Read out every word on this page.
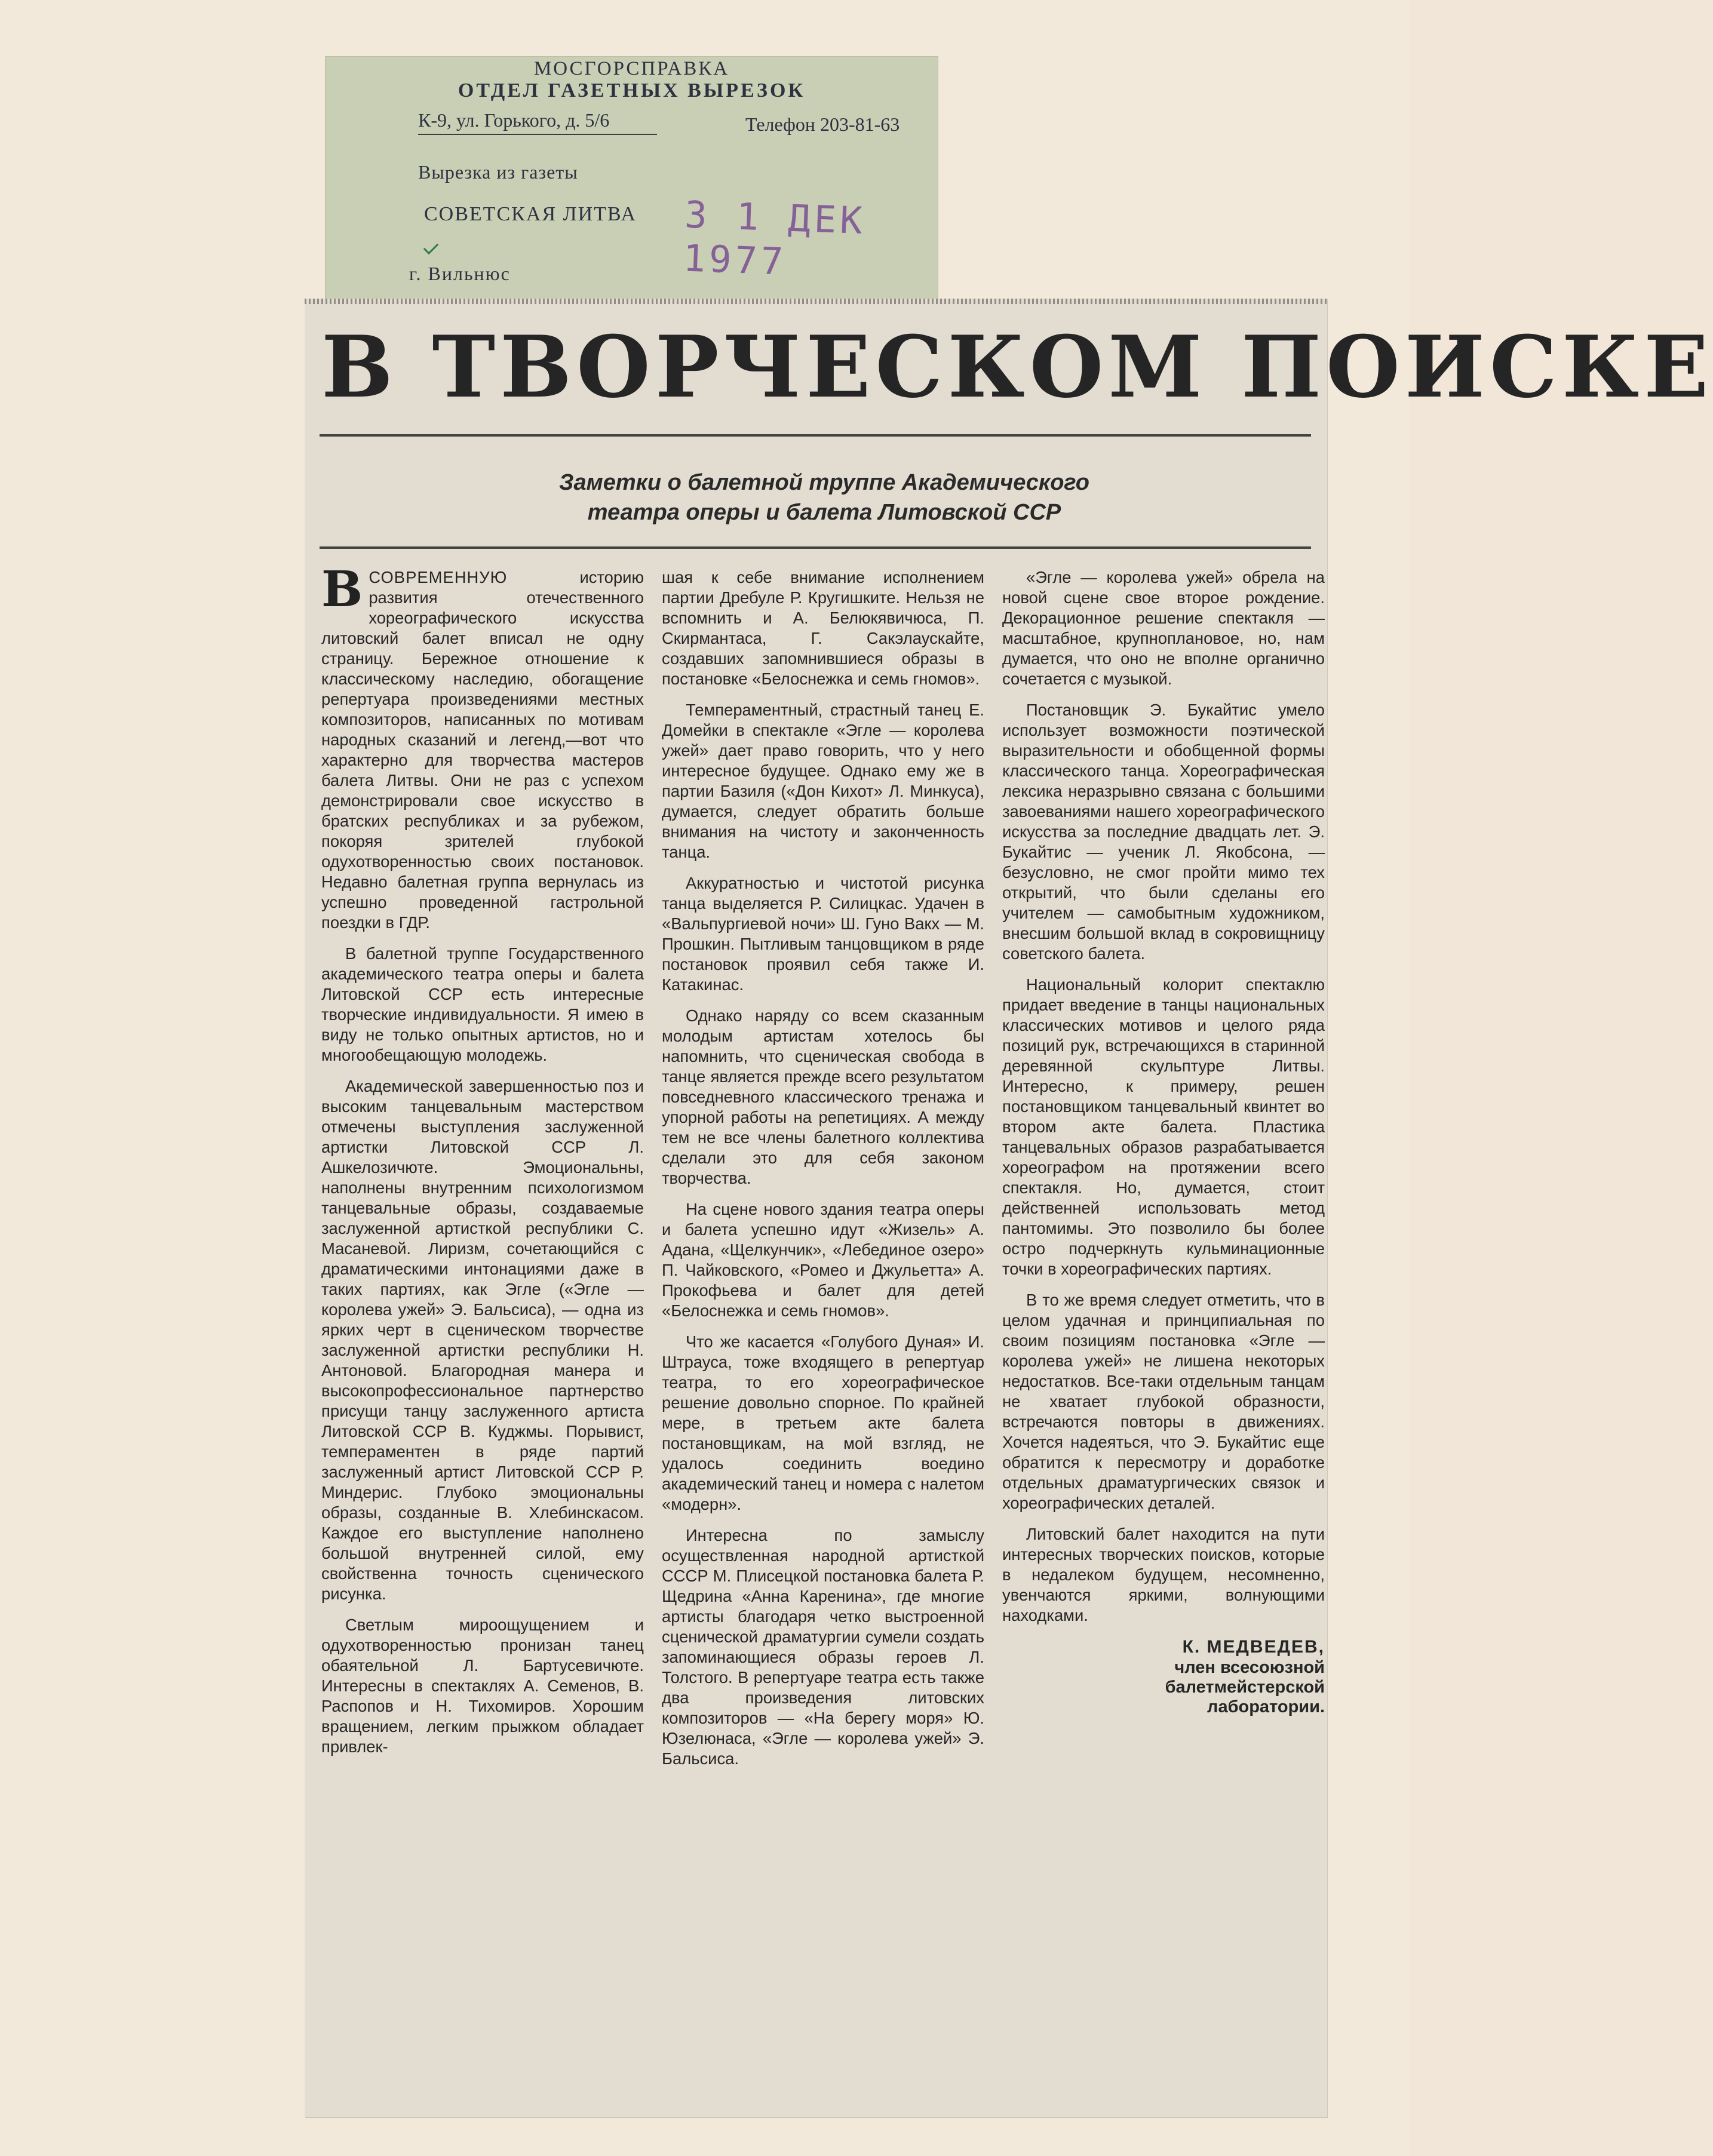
МОСГОРСПРАВКА
ОТДЕЛ ГАЗЕТНЫХ ВЫРЕЗОК
К-9, ул. Горького, д. 5/6	Телефон 203-81-63
Вырезка из газеты
СОВЕТСКАЯ ЛИТВА 3 1 ДЕК 1977
г. Вильнюс
В ТВОРЧЕСКОМ ПОИСКЕ
Заметки о балетной труппе Академического
театра оперы и балета Литовской ССР

ВСОВРЕМЕННУЮ историю развития отечественного хореографического искусства литовский балет вписал не одну страницу. Бережное отношение к классическому наследию, обогащение репертуара произведениями местных композиторов, написанных по мотивам народных сказаний и легенд,—вот что характерно для творчества мастеров балета Литвы. Они не раз с успехом демонстрировали свое искусство в братских республиках и за рубежом, покоряя зрителей глубокой одухотворенностью своих постановок. Недавно балетная группа вернулась из успешно проведенной гастрольной поездки в ГДР.

В балетной труппе Государственного академического театра оперы и балета Литовской ССР есть интересные творческие индивидуальности. Я имею в виду не только опытных артистов, но и многообещающую молодежь.

Академической завершенностью поз и высоким танцевальным мастерством отмечены выступления заслуженной артистки Литовской ССР Л. Ашкелозичюте. Эмоциональны, наполнены внутренним психологизмом танцевальные образы, создаваемые заслуженной артисткой республики С. Масаневой. Лиризм, сочетающийся с драматическими интонациями даже в таких партиях, как Эгле («Эгле — королева ужей» Э. Бальсиса), — одна из ярких черт в сценическом творчестве заслуженной артистки республики Н. Антоновой. Благородная манера и высокопрофессиональное партнерство присущи танцу заслуженного артиста Литовской ССР В. Куджмы. Порывист, темпераментен в ряде партий заслуженный артист Литовской ССР Р. Миндерис. Глубоко эмоциональны образы, созданные В. Хлебинскасом. Каждое его выступление наполнено большой внутренней силой, ему свойственна точность сценического рисунка.

Светлым мироощущением и одухотворенностью пронизан танец обаятельной Л. Бартусевичюте. Интересны в спектаклях А. Семенов, В. Распопов и Н. Тихомиров. Хорошим вращением, легким прыжком обладает привлек-

шая к себе внимание исполнением партии Дребуле Р. Кругишките. Нельзя не вспомнить и А. Белюкявичюса, П. Скирмантаса, Г. Сакэлаускайте, создавших запомнившиеся образы в постановке «Белоснежка и семь гномов».

Темпераментный, страстный танец Е. Домейки в спектакле «Эгле — королева ужей» дает право говорить, что у него интересное будущее. Однако ему же в партии Базиля («Дон Кихот» Л. Минкуса), думается, следует обратить больше внимания на чистоту и законченность танца.

Аккуратностью и чистотой рисунка танца выделяется Р. Силицкас. Удачен в «Вальпургиевой ночи» Ш. Гуно Вакх — М. Прошкин. Пытливым танцовщиком в ряде постановок проявил себя также И. Катакинас.

Однако наряду со всем сказанным молодым артистам хотелось бы напомнить, что сценическая свобода в танце является прежде всего результатом повседневного классического тренажа и упорной работы на репетициях. А между тем не все члены балетного коллектива сделали это для себя законом творчества.

На сцене нового здания театра оперы и балета успешно идут «Жизель» А. Адана, «Щелкунчик», «Лебединое озеро» П. Чайковского, «Ромео и Джульетта» А. Прокофьева и балет для детей «Белоснежка и семь гномов».

Что же касается «Голубого Дуная» И. Штрауса, тоже входящего в репертуар театра, то его хореографическое решение довольно спорное. По крайней мере, в третьем акте балета постановщикам, на мой взгляд, не удалось соединить воедино академический танец и номера с налетом «модерн».

Интересна по замыслу осуществленная народной артисткой СССР М. Плисецкой постановка балета Р. Щедрина «Анна Каренина», где многие артисты благодаря четко выстроенной сценической драматургии сумели создать запоминающиеся образы героев Л. Толстого. В репертуаре театра есть также два произведения литовских композиторов — «На берегу моря» Ю. Юзелюнаса, «Эгле — королева ужей» Э. Бальсиса.

«Эгле — королева ужей» обрела на новой сцене свое второе рождение. Декорационное решение спектакля — масштабное, крупноплановое, но, нам думается, что оно не вполне органично сочетается с музыкой.

Постановщик Э. Букайтис умело использует возможности поэтической выразительности и обобщенной формы классического танца. Хореографическая лексика неразрывно связана с большими завоеваниями нашего хореографического искусства за последние двадцать лет. Э. Букайтис — ученик Л. Якобсона, — безусловно, не смог пройти мимо тех открытий, что были сделаны его учителем — самобытным художником, внесшим большой вклад в сокровищницу советского балета.

Национальный колорит спектаклю придает введение в танцы национальных классических мотивов и целого ряда позиций рук, встречающихся в старинной деревянной скульптуре Литвы. Интересно, к примеру, решен постановщиком танцевальный квинтет во втором акте балета. Пластика танцевальных образов разрабатывается хореографом на протяжении всего спектакля. Но, думается, стоит действенней использовать метод пантомимы. Это позволило бы более остро подчеркнуть кульминационные точки в хореографических партиях.

В то же время следует отметить, что в целом удачная и принципиальная по своим позициям постановка «Эгле — королева ужей» не лишена некоторых недостатков. Все-таки отдельным танцам не хватает глубокой образности, встречаются повторы в движениях. Хочется надеяться, что Э. Букайтис еще обратится к пересмотру и доработке отдельных драматургических связок и хореографических деталей.

Литовский балет находится на пути интересных творческих поисков, которые в недалеком будущем, несомненно, увенчаются яркими, волнующими находками.

К. МЕДВЕДЕВ,
член всесоюзной
балетмейстерской
лаборатории.
